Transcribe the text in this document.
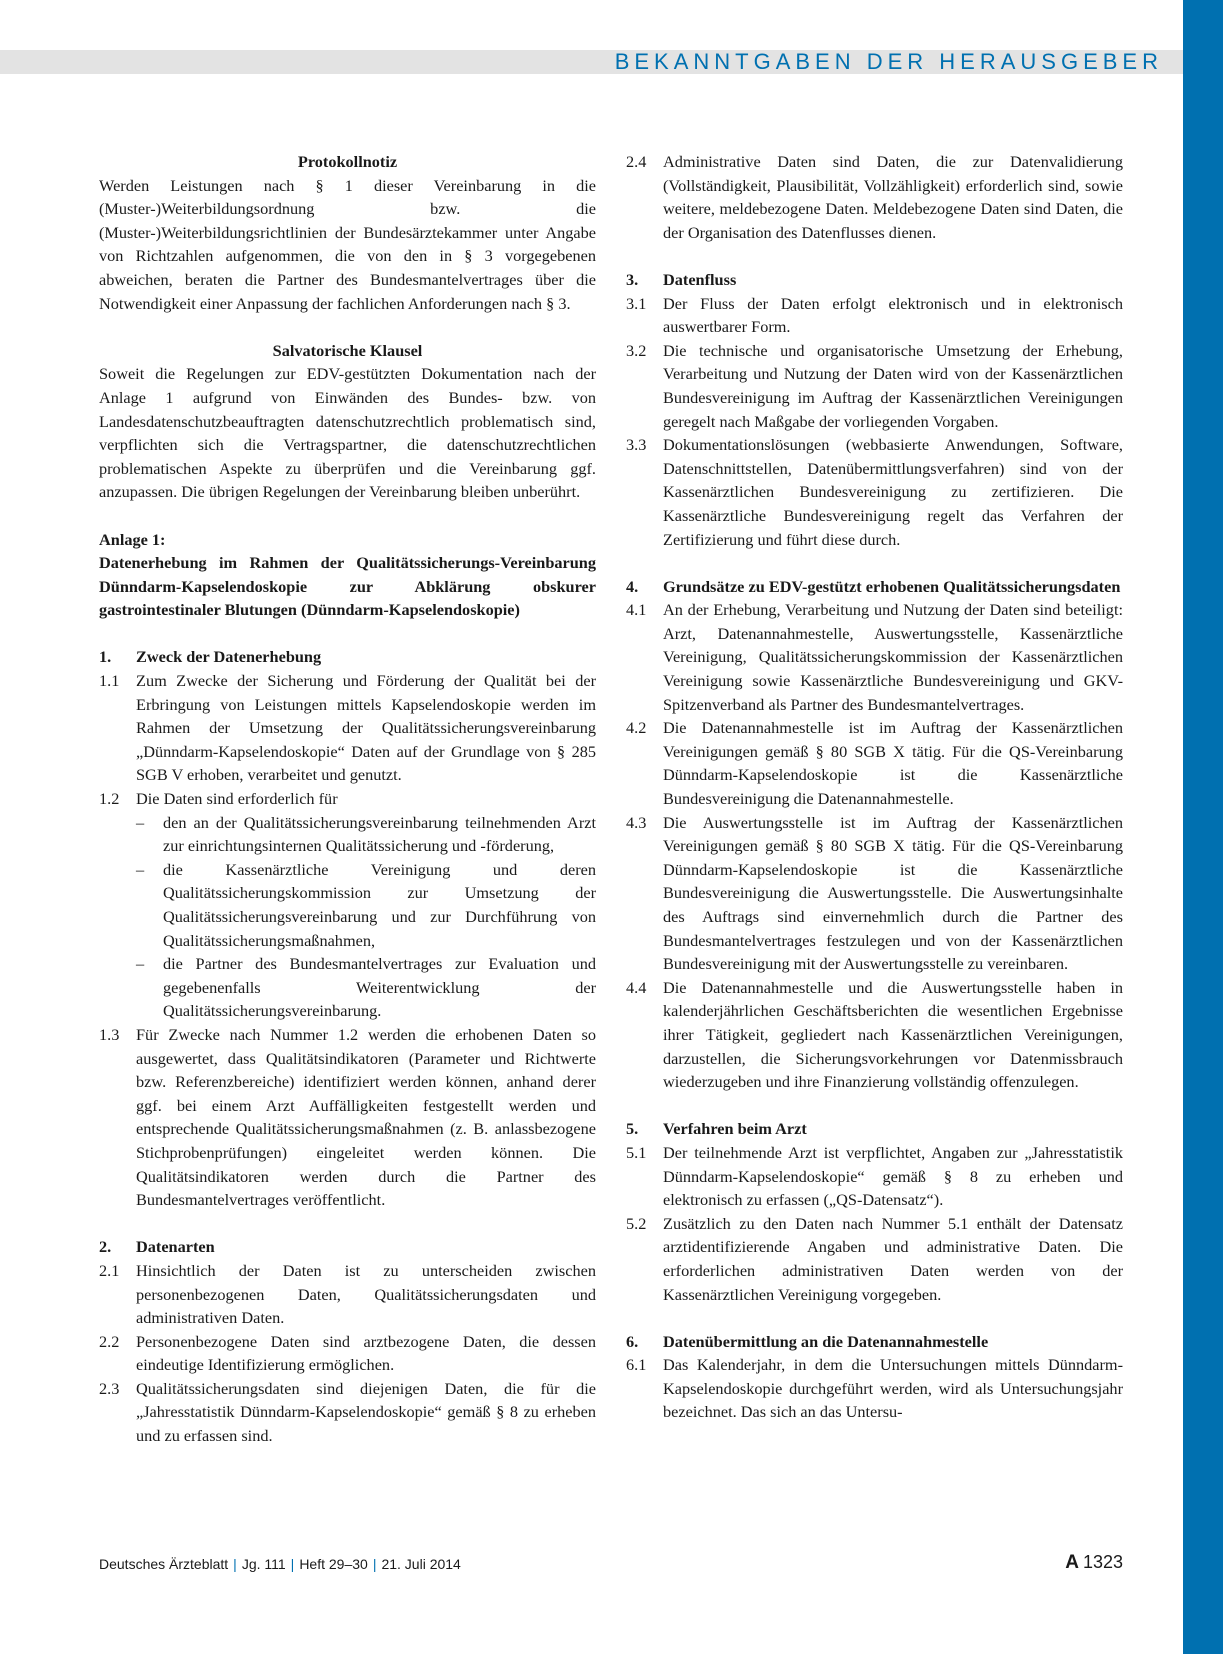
BEKANNTGABEN DER HERAUSGEBER

Protokollnotiz

Werden Leistungen nach § 1 dieser Vereinbarung in die (Muster-)Weiterbildungsordnung bzw. die (Muster-)Weiterbildungsrichtlinien der Bundesärztekammer unter Angabe von Richtzahlen aufgenommen, die von den in § 3 vorgegebenen abweichen, beraten die Partner des Bundesmantelvertrages über die Notwendigkeit einer Anpassung der fachlichen Anforderungen nach § 3.

Salvatorische Klausel

Soweit die Regelungen zur EDV-gestützten Dokumentation nach der Anlage 1 aufgrund von Einwänden des Bundes- bzw. von Landesdatenschutzbeauftragten datenschutzrechtlich problematisch sind, verpflichten sich die Vertragspartner, die datenschutzrechtlichen problematischen Aspekte zu überprüfen und die Vereinbarung ggf. anzupassen. Die übrigen Regelungen der Vereinbarung bleiben unberührt.

Anlage 1:

Datenerhebung im Rahmen der Qualitätssicherungs-Vereinbarung Dünndarm-Kapselendoskopie zur Abklärung obskurer gastrointestinaler Blutungen (Dünndarm-Kapselendoskopie)

1.	Zweck der Datenerhebung
1.1	Zum Zwecke der Sicherung und Förderung der Qualität bei der Erbringung von Leistungen mittels Kapselendoskopie werden im Rahmen der Umsetzung der Qualitätssicherungsvereinbarung „Dünndarm-Kapselendoskopie“ Daten auf der Grundlage von § 285 SGB V erhoben, verarbeitet und genutzt.
1.2	Die Daten sind erforderlich für
–	den an der Qualitätssicherungsvereinbarung teilnehmenden Arzt zur einrichtungsinternen Qualitätssicherung und -förderung,
–	die Kassenärztliche Vereinigung und deren Qualitätssicherungskommission zur Umsetzung der Qualitätssicherungsvereinbarung und zur Durchführung von Qualitätssicherungsmaßnahmen,
–	die Partner des Bundesmantelvertrages zur Evaluation und gegebenenfalls Weiterentwicklung der Qualitätssicherungsvereinbarung.
1.3	Für Zwecke nach Nummer 1.2 werden die erhobenen Daten so ausgewertet, dass Qualitätsindikatoren (Parameter und Richtwerte bzw. Referenzbereiche) identifiziert werden können, anhand derer ggf. bei einem Arzt Auffälligkeiten festgestellt werden und entsprechende Qualitätssicherungsmaßnahmen (z. B. anlassbezogene Stichprobenprüfungen) eingeleitet werden können. Die Qualitätsindikatoren werden durch die Partner des Bundesmantelvertrages veröffentlicht.
2.	Datenarten
2.1	Hinsichtlich der Daten ist zu unterscheiden zwischen personenbezogenen Daten, Qualitätssicherungsdaten und administrativen Daten.
2.2	Personenbezogene Daten sind arztbezogene Daten, die dessen eindeutige Identifizierung ermöglichen.
2.3	Qualitätssicherungsdaten sind diejenigen Daten, die für die „Jahresstatistik Dünndarm-Kapselendoskopie“ gemäß § 8 zu erheben und zu erfassen sind.
2.4	Administrative Daten sind Daten, die zur Datenvalidierung (Vollständigkeit, Plausibilität, Vollzähligkeit) erforderlich sind, sowie weitere, meldebezogene Daten. Meldebezogene Daten sind Daten, die der Organisation des Datenflusses dienen.
3.	Datenfluss
3.1	Der Fluss der Daten erfolgt elektronisch und in elektronisch auswertbarer Form.
3.2	Die technische und organisatorische Umsetzung der Erhebung, Verarbeitung und Nutzung der Daten wird von der Kassenärztlichen Bundesvereinigung im Auftrag der Kassenärztlichen Vereinigungen geregelt nach Maßgabe der vorliegenden Vorgaben.
3.3	Dokumentationslösungen (webbasierte Anwendungen, Software, Datenschnittstellen, Datenübermittlungsverfahren) sind von der Kassenärztlichen Bundesvereinigung zu zertifizieren. Die Kassenärztliche Bundesvereinigung regelt das Verfahren der Zertifizierung und führt diese durch.
4.	Grundsätze zu EDV-gestützt erhobenen Qualitätssicherungsdaten
4.1	An der Erhebung, Verarbeitung und Nutzung der Daten sind beteiligt: Arzt, Datenannahmestelle, Auswertungsstelle, Kassenärztliche Vereinigung, Qualitätssicherungskommission der Kassenärztlichen Vereinigung sowie Kassenärztliche Bundesvereinigung und GKV-Spitzenverband als Partner des Bundesmantelvertrages.
4.2	Die Datenannahmestelle ist im Auftrag der Kassenärztlichen Vereinigungen gemäß § 80 SGB X tätig. Für die QS-Vereinbarung Dünndarm-Kapselendoskopie ist die Kassenärztliche Bundesvereinigung die Datenannahmestelle.
4.3	Die Auswertungsstelle ist im Auftrag der Kassenärztlichen Vereinigungen gemäß § 80 SGB X tätig. Für die QS-Vereinbarung Dünndarm-Kapselendoskopie ist die Kassenärztliche Bundesvereinigung die Auswertungsstelle. Die Auswertungsinhalte des Auftrags sind einvernehmlich durch die Partner des Bundesmantelvertrages festzulegen und von der Kassenärztlichen Bundesvereinigung mit der Auswertungsstelle zu vereinbaren.
4.4	Die Datenannahmestelle und die Auswertungsstelle haben in kalenderjährlichen Geschäftsberichten die wesentlichen Ergebnisse ihrer Tätigkeit, gegliedert nach Kassenärztlichen Vereinigungen, darzustellen, die Sicherungsvorkehrungen vor Datenmissbrauch wiederzugeben und ihre Finanzierung vollständig offenzulegen.
5.	Verfahren beim Arzt
5.1	Der teilnehmende Arzt ist verpflichtet, Angaben zur „Jahresstatistik Dünndarm-Kapselendoskopie“ gemäß § 8 zu erheben und elektronisch zu erfassen („QS-Datensatz“).
5.2	Zusätzlich zu den Daten nach Nummer 5.1 enthält der Datensatz arztidentifizierende Angaben und administrative Daten. Die erforderlichen administrativen Daten werden von der Kassenärztlichen Vereinigung vorgegeben.
6.	Datenübermittlung an die Datenannahmestelle
6.1	Das Kalenderjahr, in dem die Untersuchungen mittels Dünndarm-Kapselendoskopie durchgeführt werden, wird als Untersuchungsjahr bezeichnet. Das sich an das Untersu-

Deutsches Ärzteblatt | Jg. 111 | Heft 29–30 | 21. Juli 2014	A 1323
